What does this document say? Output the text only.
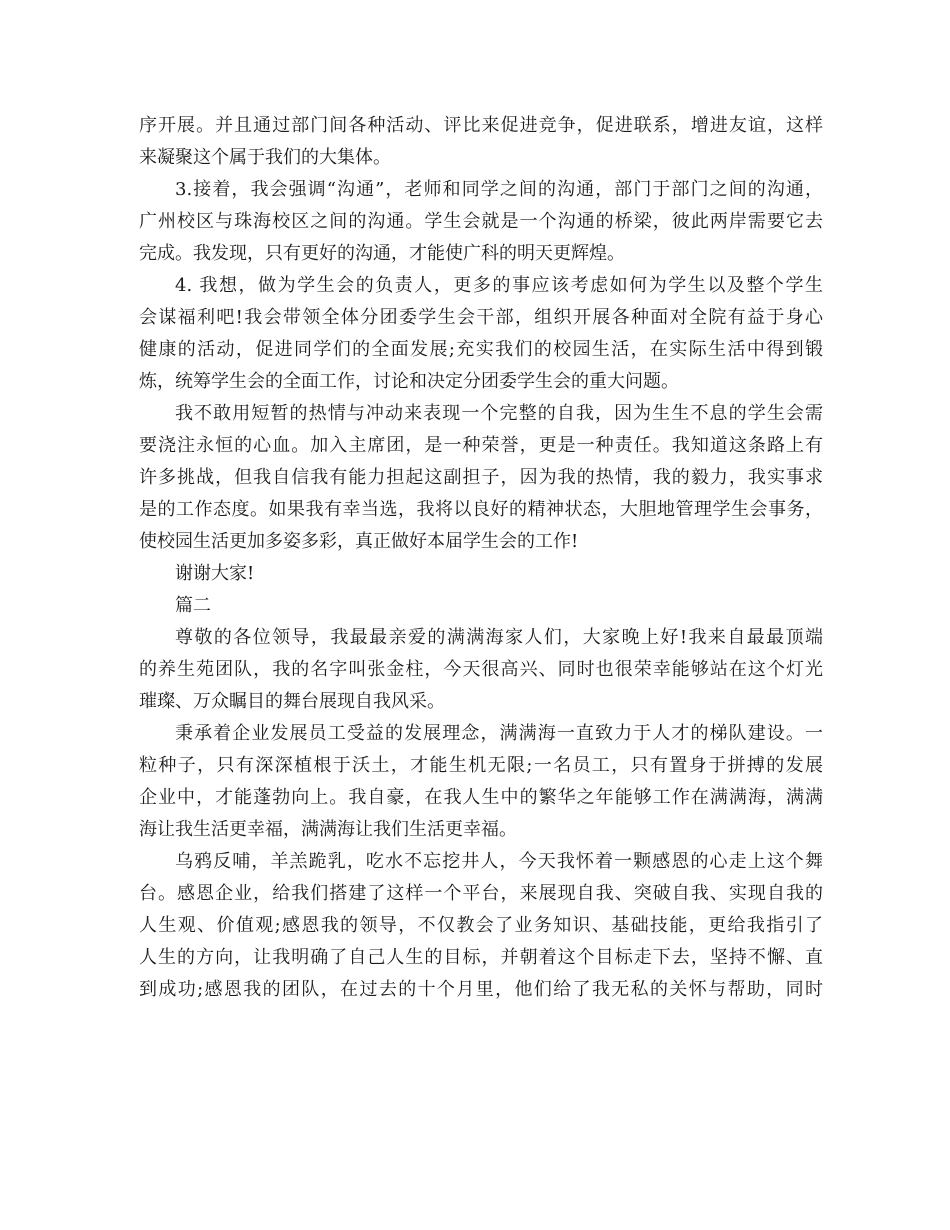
序开展。并且通过部门间各种活动、评比来促进竞争，促进联系，增进友谊，这样
来凝聚这个属于我们的大集体。
3.接着，我会强调“沟通”，老师和同学之间的沟通，部门于部门之间的沟通，
广州校区与珠海校区之间的沟通。学生会就是一个沟通的桥梁，彼此两岸需要它去
完成。我发现，只有更好的沟通，才能使广科的明天更辉煌。
4. 我想，做为学生会的负责人，更多的事应该考虑如何为学生以及整个学生
会谋福利吧!我会带领全体分团委学生会干部，组织开展各种面对全院有益于身心
健康的活动，促进同学们的全面发展;充实我们的校园生活，在实际生活中得到锻
炼，统筹学生会的全面工作，讨论和决定分团委学生会的重大问题。
我不敢用短暂的热情与冲动来表现一个完整的自我，因为生生不息的学生会需
要浇注永恒的心血。加入主席团，是一种荣誉，更是一种责任。我知道这条路上有
许多挑战，但我自信我有能力担起这副担子，因为我的热情，我的毅力，我实事求
是的工作态度。如果我有幸当选，我将以良好的精神状态，大胆地管理学生会事务，
使校园生活更加多姿多彩，真正做好本届学生会的工作!
谢谢大家!
篇二
尊敬的各位领导，我最最亲爱的满满海家人们，大家晚上好!我来自最最顶端
的养生苑团队，我的名字叫张金柱，今天很高兴、同时也很荣幸能够站在这个灯光
璀璨、万众瞩目的舞台展现自我风采。
秉承着企业发展员工受益的发展理念，满满海一直致力于人才的梯队建设。一
粒种子，只有深深植根于沃土，才能生机无限;一名员工，只有置身于拼搏的发展
企业中，才能蓬勃向上。我自豪，在我人生中的繁华之年能够工作在满满海，满满
海让我生活更幸福，满满海让我们生活更幸福。
乌鸦反哺，羊羔跪乳，吃水不忘挖井人，今天我怀着一颗感恩的心走上这个舞
台。感恩企业，给我们搭建了这样一个平台，来展现自我、突破自我、实现自我的
人生观、价值观;感恩我的领导，不仅教会了业务知识、基础技能，更给我指引了
人生的方向，让我明确了自己人生的目标，并朝着这个目标走下去，坚持不懈、直
到成功;感恩我的团队，在过去的十个月里，他们给了我无私的关怀与帮助，同时
